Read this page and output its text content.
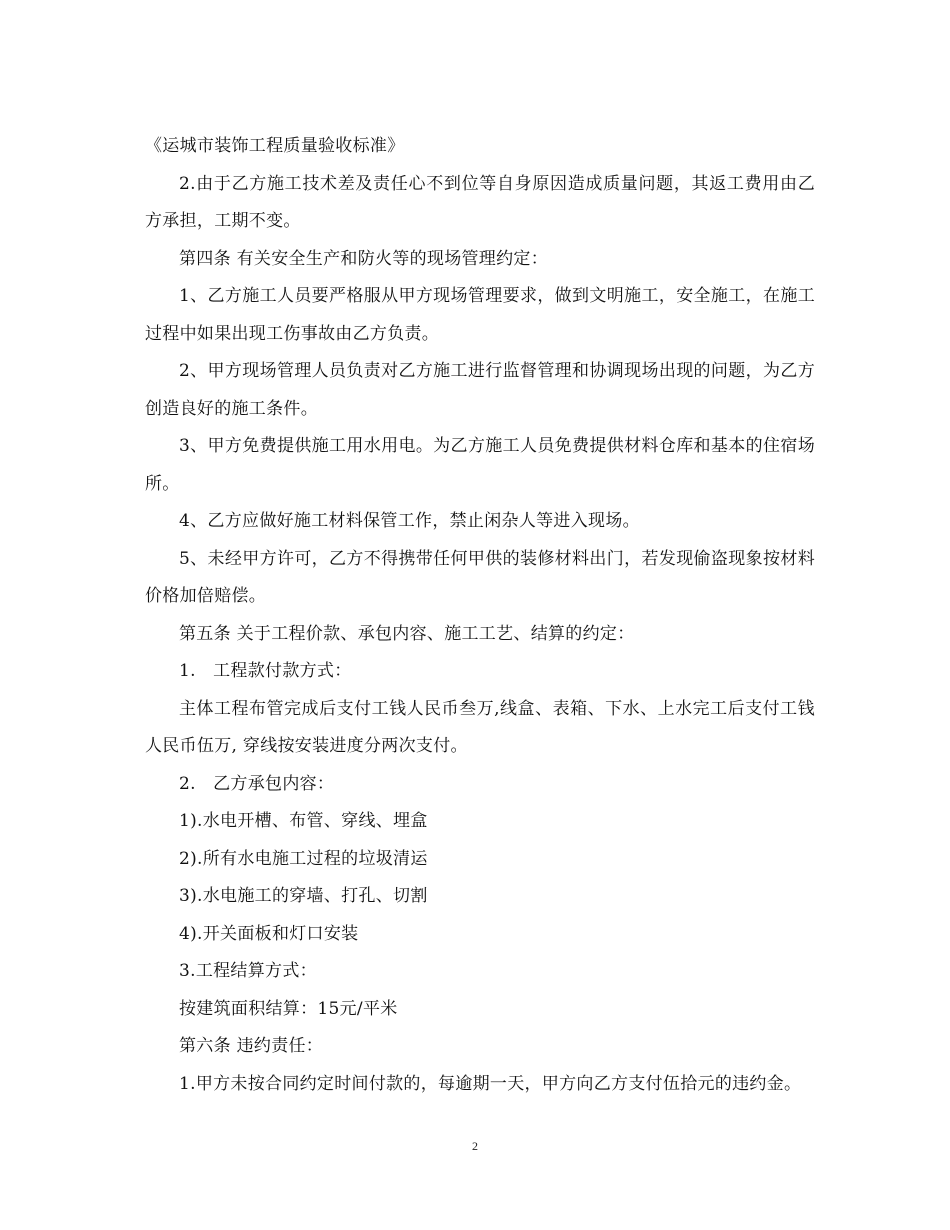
《运城市装饰工程质量验收标准》

2.由于乙方施工技术差及责任心不到位等自身原因造成质量问题，其返工费用由乙方承担，工期不变。

第四条 有关安全生产和防火等的现场管理约定：

1、乙方施工人员要严格服从甲方现场管理要求，做到文明施工，安全施工，在施工过程中如果出现工伤事故由乙方负责。

2、甲方现场管理人员负责对乙方施工进行监督管理和协调现场出现的问题，为乙方创造良好的施工条件。

3、甲方免费提供施工用水用电。为乙方施工人员免费提供材料仓库和基本的住宿场所。

4、乙方应做好施工材料保管工作，禁止闲杂人等进入现场。

5、未经甲方许可，乙方不得携带任何甲供的装修材料出门，若发现偷盗现象按材料价格加倍赔偿。

第五条 关于工程价款、承包内容、施工工艺、结算的约定：

1.　工程款付款方式：

主体工程布管完成后支付工钱人民币叁万,线盒、表箱、下水、上水完工后支付工钱人民币伍万, 穿线按安装进度分两次支付。

2.　乙方承包内容：

1).水电开槽、布管、穿线、埋盒

2).所有水电施工过程的垃圾清运

3).水电施工的穿墙、打孔、切割

4).开关面板和灯口安装

3.工程结算方式：

按建筑面积结算：15元/平米

第六条 违约责任：

1.甲方未按合同约定时间付款的，每逾期一天，甲方向乙方支付伍拾元的违约金。

2
